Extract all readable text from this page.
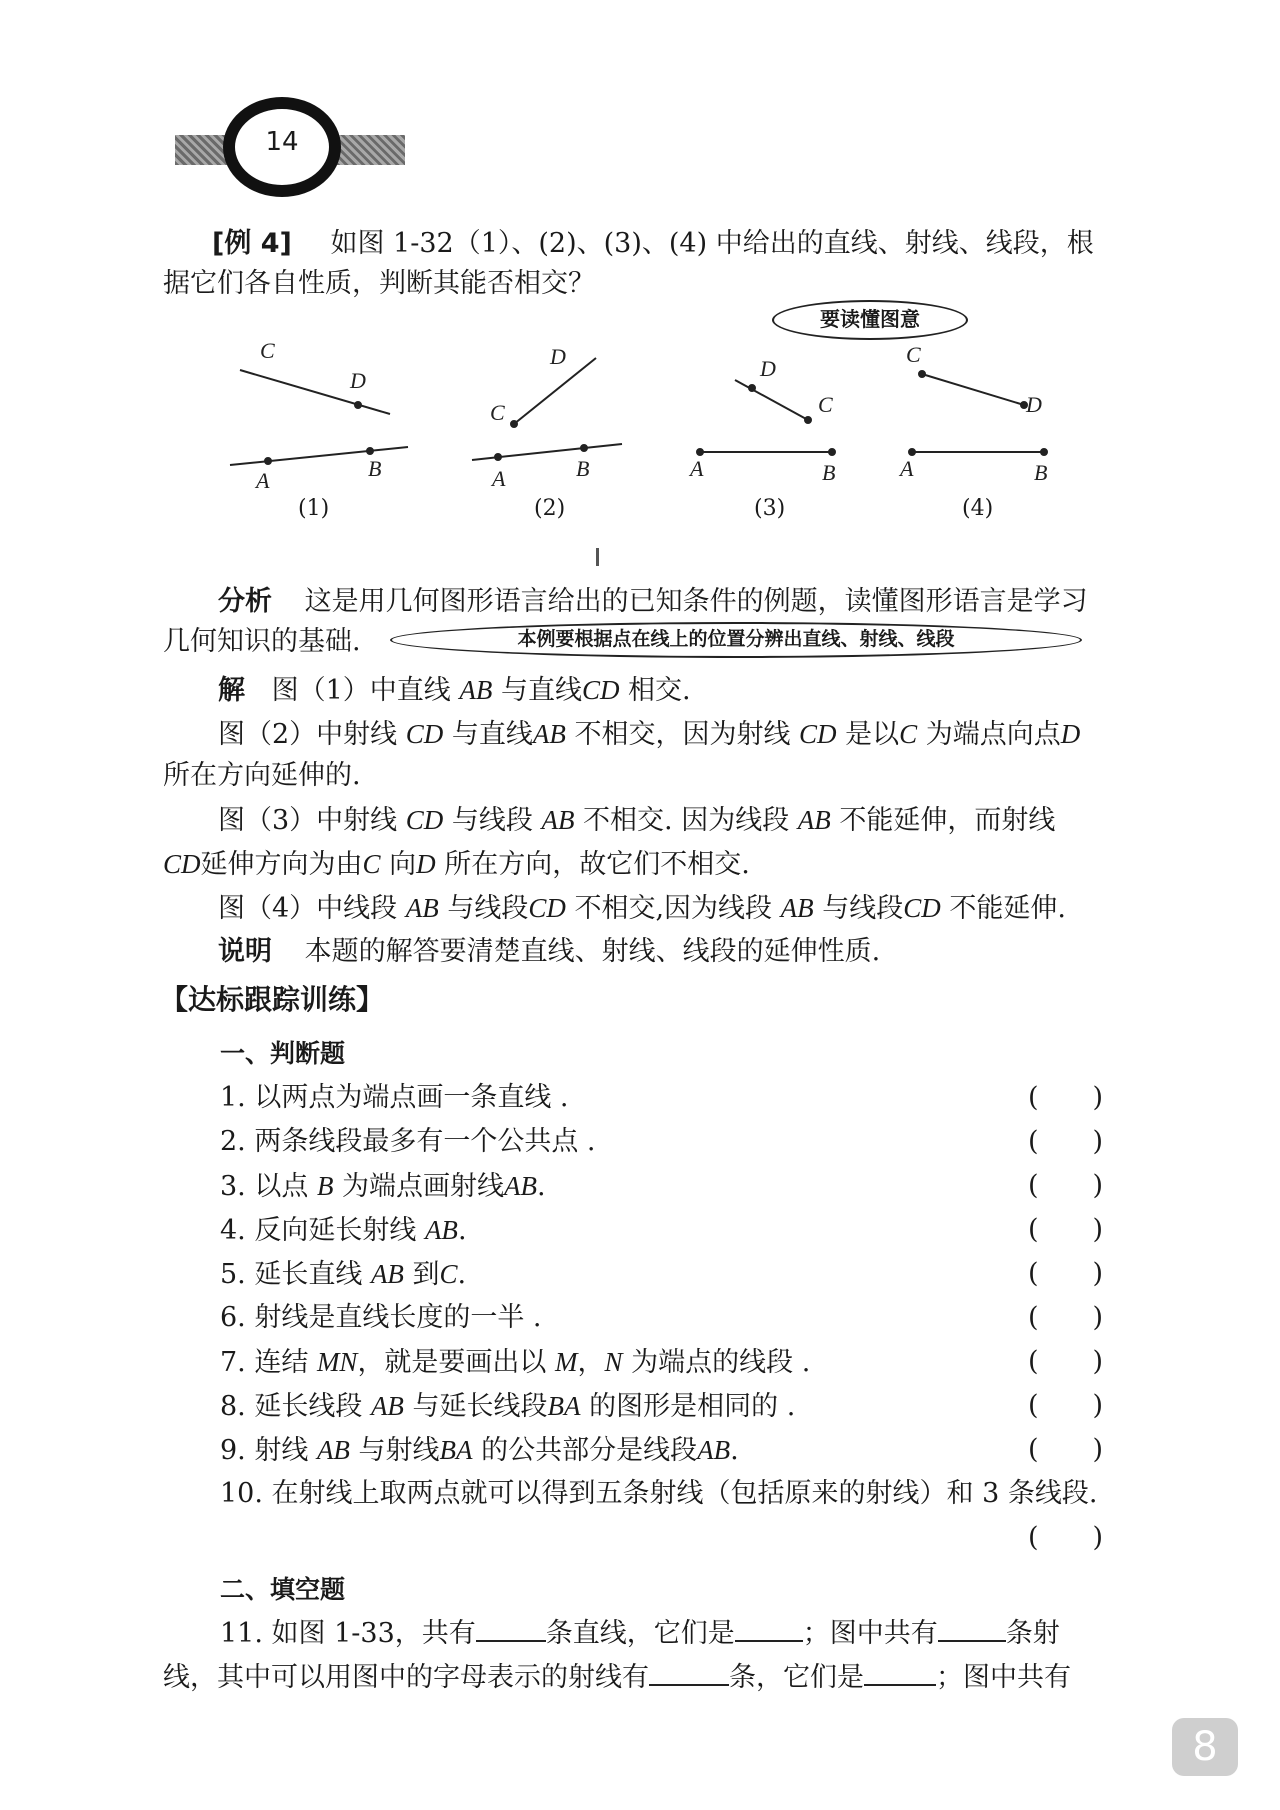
14
[例 4] 如图 1-32（1）、(2)、(3)、(4) 中给出的直线、射线、线段，根
据它们各自性质，判断其能否相交？
要读懂图意
C
D
A	B
D
C
A	B
D
C
A	B
C
D
A	B
(1)	(2)	(3)	(4)
分析 这是用几何图形语言给出的已知条件的例题，读懂图形语言是学习
几何知识的基础.	本例要根据点在线上的位置分辨出直线、射线、线段
解 图（1）中直线 AB 与直线CD 相交.
图（2）中射线 CD 与直线AB 不相交，因为射线 CD 是以C 为端点向点D
所在方向延伸的.
图（3）中射线 CD 与线段 AB 不相交. 因为线段 AB 不能延伸，而射线
CD延伸方向为由C 向D 所在方向，故它们不相交.
图（4）中线段 AB 与线段CD 不相交,因为线段 AB 与线段CD 不能延伸.
说明 本题的解答要清楚直线、射线、线段的延伸性质.
【达标跟踪训练】
一、判断题
1. 以两点为端点画一条直线 .	(　　)
2. 两条线段最多有一个公共点 .	(　　)
3. 以点 B 为端点画射线AB.	(　　)
4. 反向延长射线 AB.	(　　)
5. 延长直线 AB 到C.	(　　)
6. 射线是直线长度的一半 .	(　　)
7. 连结 MN，就是要画出以 M，N 为端点的线段 .	(　　)
8. 延长线段 AB 与延长线段BA 的图形是相同的 .	(　　)
9. 射线 AB 与射线BA 的公共部分是线段AB.	(　　)
10. 在射线上取两点就可以得到五条射线（包括原来的射线）和 3 条线段.
(　　)
二、填空题
11. 如图 1-33，共有	条直线，它们是	；图中共有	条射
线，其中可以用图中的字母表示的射线有	条，它们是	；图中共有
8
